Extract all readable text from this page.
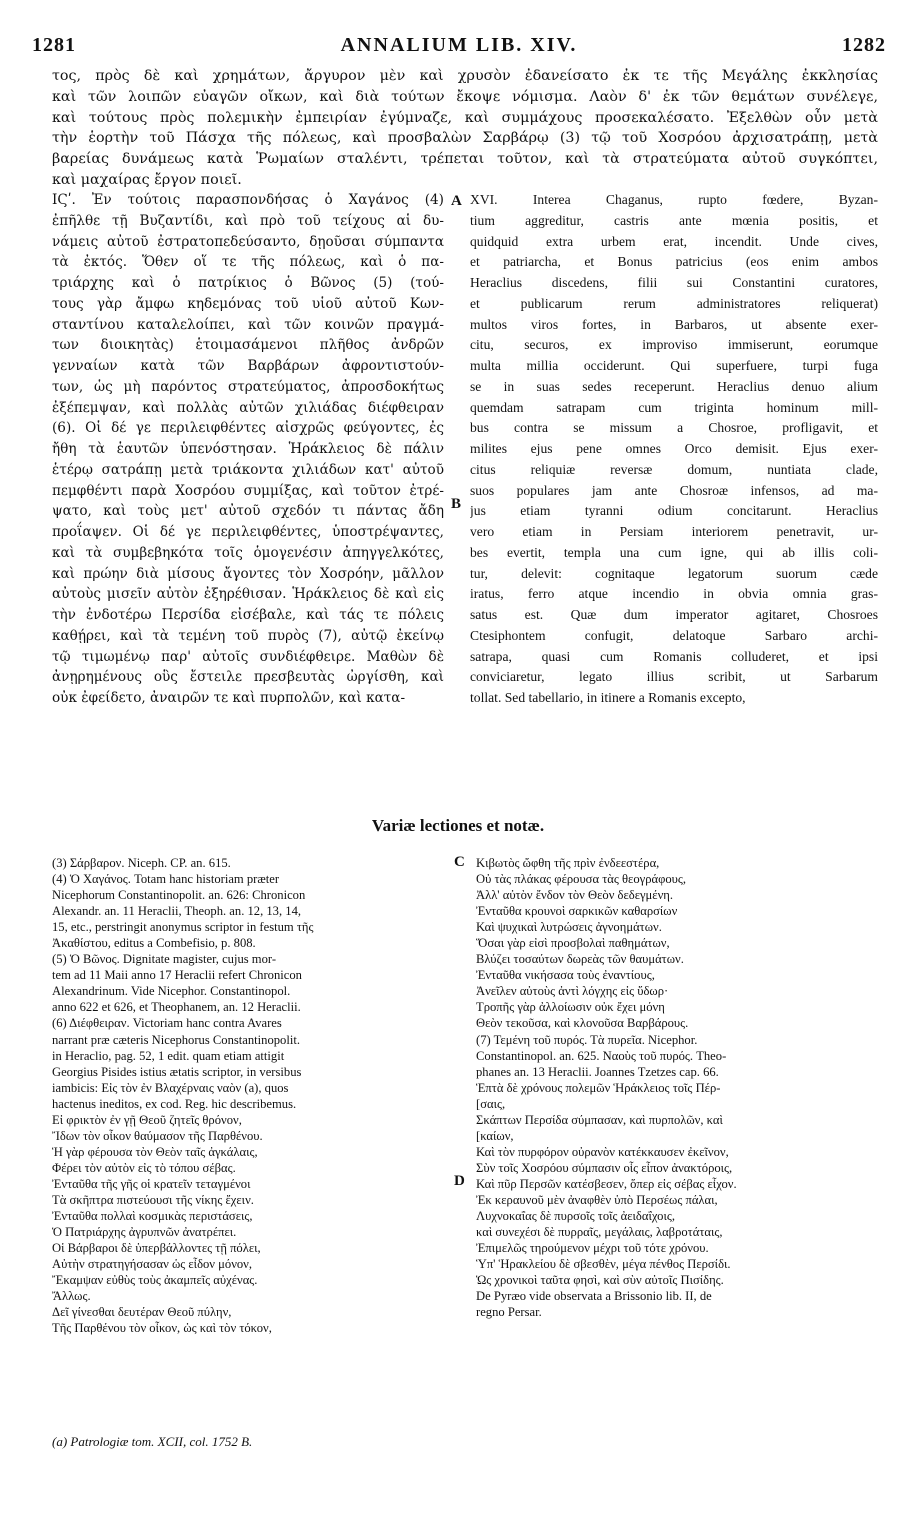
1281	ANNALIUM LIB. XIV.	1282
τος, πρὸς δὲ καὶ χρημάτων, ἄργυρον μὲν καὶ χρυσὸν ἐδανείσατο ἐκ τε τῆς Μεγάλης ἐκκλησίας
καὶ τῶν λοιπῶν εὐαγῶν οἴκων, καὶ διὰ τούτων ἔκοψε νόμισμα. Λαὸν δ' ἐκ τῶν θεμάτων συνέλεγε,
καὶ τούτους πρὸς πολεμικὴν ἐμπειρίαν ἐγύμναζε, καὶ συμμάχους προσεκαλέσατο. Ἐξελθὼν οὖν μετὰ
τὴν ἑορτὴν τοῦ Πάσχα τῆς πόλεως, καὶ προσβαλὼν Σαρβάρῳ (3) τῷ τοῦ Χοσρόου ἀρχισατράπῃ, μετὰ
βαρείας δυνάμεως κατὰ Ῥωμαίων σταλέντι, τρέπεται τοῦτον, καὶ τὰ στρατεύματα αὐτοῦ συγκόπτει,
καὶ μαχαίρας ἔργον ποιεῖ.
ΙϚʹ. Ἐν τούτοις παρασπονδήσας ὁ Χαγάνος (4)
ἐπῆλθε τῇ Βυζαντίδι, καὶ πρὸ τοῦ τείχους αἱ δυ-
νάμεις αὐτοῦ ἐστρατοπεδεύσαντο, δῃοῦσαι σύμπαντα
τὰ ἐκτός. Ὅθεν οἵ τε τῆς πόλεως, καὶ ὁ πα-
τριάρχης καὶ ὁ πατρίκιος ὁ Βῶνος (5) (τού-
τους γὰρ ἄμφω κηδεμόνας τοῦ υἱοῦ αὐτοῦ Κων-
σταντίνου καταλελοίπει, καὶ τῶν κοινῶν πραγμά-
των διοικητὰς) ἑτοιμασάμενοι πλῆθος ἀνδρῶν
γενναίων κατὰ τῶν Βαρβάρων ἀφροντιστούν-
των, ὡς μὴ παρόντος στρατεύματος, ἀπροσδοκήτως
ἐξέπεμψαν, καὶ πολλὰς αὐτῶν χιλιάδας διέφθειραν
(6). Οἱ δέ γε περιλειφθέντες αἰσχρῶς φεύγοντες, ἐς
ἤθη τὰ ἑαυτῶν ὑπενόστησαν. Ἡράκλειος δὲ πάλιν
ἑτέρῳ σατράπῃ μετὰ τριάκοντα χιλιάδων κατ' αὐτοῦ
πεμφθέντι παρὰ Χοσρόου συμμίξας, καὶ τοῦτον ἐτρέ-
ψατο, καὶ τοὺς μετ' αὐτοῦ σχεδόν τι πάντας ἄδη
προΐαψεν. Οἱ δέ γε περιλειφθέντες, ὑποστρέψαντες,
καὶ τὰ συμβεβηκότα τοῖς ὁμογενέσιν ἀπηγγελκότες,
καὶ πρώην διὰ μίσους ἄγοντες τὸν Χοσρόην, μᾶλλον
αὐτοὺς μισεῖν αὐτὸν ἐξηρέθισαν. Ἡράκλειος δὲ καὶ εἰς
τὴν ἐνδοτέρω Περσίδα εἰσέβαλε, καὶ τάς τε πόλεις
καθῄρει, καὶ τὰ τεμένη τοῦ πυρὸς (7), αὐτῷ ἐκείνῳ
τῷ τιμωμένῳ παρ' αὐτοῖς συνδιέφθειρε. Μαθὼν δὲ
ἀνῃρημένους οὓς ἔστειλε πρεσβευτὰς ὠργίσθη, καὶ
οὐκ ἐφείδετο, ἀναιρῶν τε καὶ πυρπολῶν, καὶ κατα-
XVI. Interea Chaganus, rupto fœdere, Byzan-
tium aggreditur, castris ante mœnia positis, et
quidquid extra urbem erat, incendit. Unde cives,
et patriarcha, et Bonus patricius (eos enim ambos
Heraclius discedens, filii sui Constantini curatores,
et publicarum rerum administratores reliquerat)
multos viros fortes, in Barbaros, ut absente exer-
citu, securos, ex improviso immiserunt, eorumque
multa millia occiderunt. Qui superfuere, turpi fuga
se in suas sedes receperunt. Heraclius denuo alium
quemdam satrapam cum triginta hominum mill-
bus contra se missum a Chosroe, profligavit, et
milites ejus pene omnes Orco demisit. Ejus exer-
citus reliquiæ reversæ domum, nuntiata clade,
suos populares jam ante Chosroæ infensos, ad ma-
jus etiam tyranni odium concitarunt. Heraclius
vero etiam in Persiam interiorem penetravit, ur-
bes evertit, templa una cum igne, qui ab illis coli-
tur, delevit: cognitaque legatorum suorum cæde
iratus, ferro atque incendio in obvia omnia gras-
satus est. Quæ dum imperator agitaret, Chosroes
Ctesiphontem confugit, delatoque Sarbaro archi-
satrapa, quasi cum Romanis colluderet, et ipsi
conviciaretur, legato illius scribit, ut Sarbarum
tollat. Sed tabellario, in itinere a Romanis excepto,
A
B
Variæ lectiones et notæ.
C
D
(3) Σάρβαρον. Niceph. CP. an. 615.
(4) Ὁ Χαγάνος. Totam hanc historiam præter
Nicephorum Constantinopolit. an. 626: Chronicon
Alexandr. an. 11 Heraclii, Theoph. an. 12, 13, 14,
15, etc., perstringit anonymus scriptor in festum τῆς
Ἀκαθίστου, editus a Combefisio, p. 808.
(5) Ὁ Βῶνος. Dignitate magister, cujus mor-
tem ad 11 Maii anno 17 Heraclii refert Chronicon
Alexandrinum. Vide Nicephor. Constantinopol.
anno 622 et 626, et Theophanem, an. 12 Heraclii.
(6) Διέφθειραν. Victoriam hanc contra Avares
narrant præ cæteris Nicephorus Constantinopolit.
in Heraclio, pag. 52, 1 edit. quam etiam attigit
Georgius Pisides istius ætatis scriptor, in versibus
iambicis: Εἰς τὸν ἐν Βλαχέρναις ναὸν (a), quos
hactenus ineditos, ex cod. Reg. hic describemus.
Εἰ φρικτὸν ἐν γῇ Θεοῦ ζητεῖς θρόνον,
Ἴδων τὸν οἶκον θαύμασον τῆς Παρθένου.
Ἡ γὰρ φέρουσα τὸν Θεὸν ταῖς ἀγκάλαις,
Φέρει τὸν αὐτὸν εἰς τὸ τόπου σέβας.
Ἐνταῦθα τῆς γῆς οἱ κρατεῖν τεταγμένοι
Τὰ σκῆπτρα πιστεύουσι τῆς νίκης ἔχειν.
Ἐνταῦθα πολλαὶ κοσμικὰς περιστάσεις,
Ὁ Πατριάρχης ἀγρυπνῶν ἀνατρέπει.
Οἱ Βάρβαροι δὲ ὑπερβάλλοντες τῇ πόλει,
Αὐτὴν στρατηγήσασαν ὡς εἶδον μόνον,
Ἔκαμψαν εὐθὺς τοὺς ἀκαμπεῖς αὐχένας.
Ἄλλως.
Δεῖ γίνεσθαι δευτέραν Θεοῦ πύλην,
Τῆς Παρθένου τὸν οἶκον, ὡς καὶ τὸν τόκον,
Κιβωτὸς ὤφθη τῆς πρὶν ἐνδεεστέρα,
Οὐ τὰς πλάκας φέρουσα τὰς θεογράφους,
Ἀλλ' αὐτὸν ἔνδον τὸν Θεὸν δεδεγμένη.
Ἐνταῦθα κρουνοὶ σαρκικῶν καθαρσίων
Καὶ ψυχικαὶ λυτρώσεις ἀγνοημάτων.
Ὅσαι γὰρ εἰσὶ προσβολαὶ παθημάτων,
Βλύζει τοσαύτων δωρεὰς τῶν θαυμάτων.
Ἐνταῦθα νικήσασα τοὺς ἐναντίους,
Ἀνεῖλεν αὐτοὺς ἀντὶ λόγχης εἰς ὕδωρ·
Τροπῆς γὰρ ἀλλοίωσιν οὐκ ἔχει μόνη
Θεὸν τεκοῦσα, καὶ κλονοῦσα Βαρβάρους.
(7) Τεμένη τοῦ πυρός. Τὰ πυρεῖα. Nicephor.
Constantinopol. an. 625. Ναοὺς τοῦ πυρός. Theo-
phanes an. 13 Heraclii. Joannes Tzetzes cap. 66.
Ἑπτὰ δὲ χρόνους πολεμῶν Ἡράκλειος τοῖς Πέρ-
[σαις,
Σκάπτων Περσίδα σύμπασαν, καὶ πυρπολῶν, καὶ
[καίων,
Καὶ τὸν πυρφόρον οὐρανὸν κατέκκαυσεν ἐκεῖνον,
Σὺν τοῖς Χοσρόου σύμπασιν οἷς εἶπον ἀνακτόροις,
Καὶ πῦρ Περσῶν κατέσβεσεν, ὅπερ εἰς σέβας εἶχον.
Ἐκ κεραυνοῦ μὲν ἀναφθὲν ὑπὸ Περσέως πάλαι,
Λυχνοκαΐας δὲ πυρσοῖς τοῖς ἀειδαΐχοις,
καὶ συνεχέσι δὲ πυρραῖς, μεγάλαις, λαβροτάταις,
Ἐπιμελῶς τηρούμενον μέχρι τοῦ τότε χρόνου.
Ὑπ' Ἡρακλείου δὲ σβεσθὲν, μέγα πένθος Περσίδι.
Ὡς χρονικοὶ ταῦτα φησὶ, καὶ σὺν αὐτοῖς Πισίδης.
De Pyræo vide observata a Brissonio lib. II, de
regno Persar.
(a) Patrologiæ tom. XCII, col. 1752 B.
